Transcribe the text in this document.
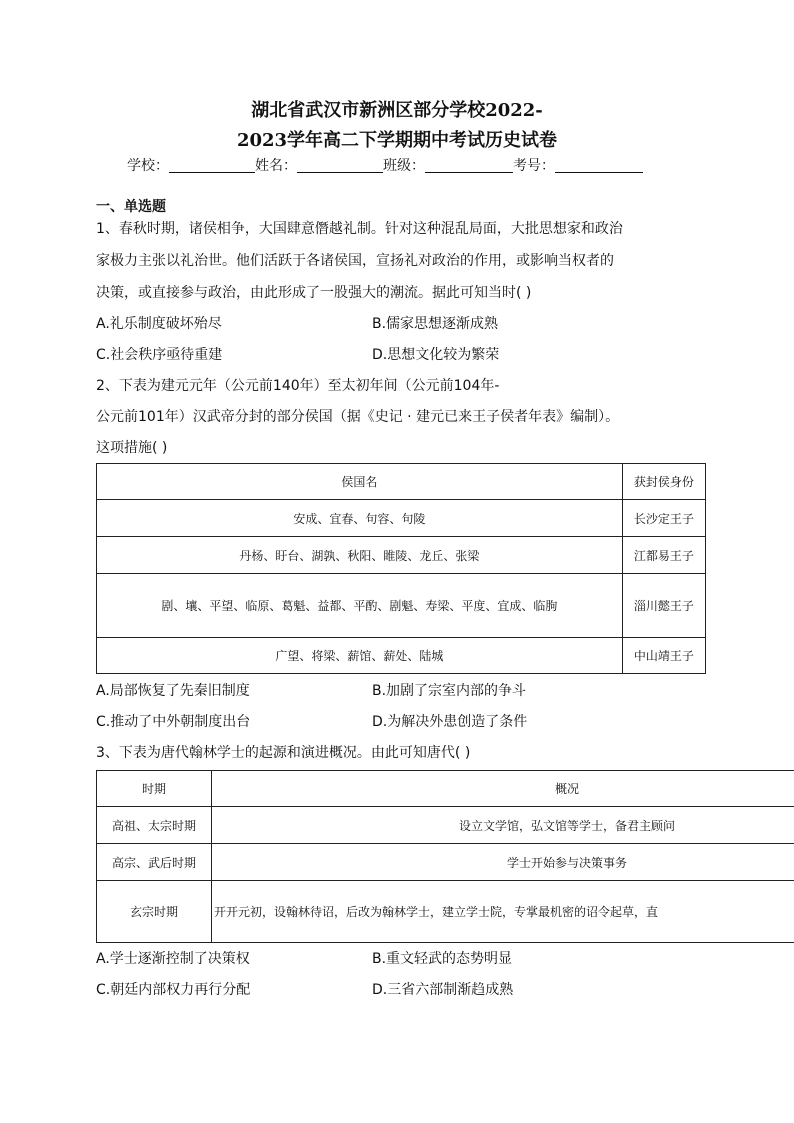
湖北省武汉市新洲区部分学校2022-
2023学年高二下学期期中考试历史试卷
学校：	姓名：	班级：	考号：
一、单选题
1、春秋时期，诸侯相争，大国肆意僭越礼制。针对这种混乱局面，大批思想家和政治
家极力主张以礼治世。他们活跃于各诸侯国，宣扬礼对政治的作用，或影响当权者的
决策，或直接参与政治，由此形成了一股强大的潮流。据此可知当时( )
A.礼乐制度破坏殆尽	B.儒家思想逐渐成熟
C.社会秩序亟待重建	D.思想文化较为繁荣
2、下表为建元元年（公元前140年）至太初年间（公元前104年-
公元前101年）汉武帝分封的部分侯国（据《史记 · 建元已来王子侯者年表》编制）。
这项措施( )
侯国名	获封侯身份
安成、宜春、句容、句陵	长沙定王子
丹杨、盱台、湖孰、秋阳、睢陵、龙丘、张梁	江都易王子
剧、壤、平望、临原、葛魁、益都、平酌、剧魁、寿梁、平度、宜成、临朐	淄川懿王子
广望、将梁、薪馆、薪处、陆城	中山靖王子
A.局部恢复了先秦旧制度	B.加剧了宗室内部的争斗
C.推动了中外朝制度出台	D.为解决外患创造了条件
3、下表为唐代翰林学士的起源和演进概况。由此可知唐代( )
时期	概况
高祖、太宗时期	设立文学馆，弘文馆等学士，备君主顾问
高宗、武后时期	学士开始参与决策事务
玄宗时期	开开元初，设翰林待诏，后改为翰林学士，建立学士院，专掌最机密的诏令起草，直
A.学士逐渐控制了决策权	B.重文轻武的态势明显
C.朝廷内部权力再行分配	D.三省六部制渐趋成熟
